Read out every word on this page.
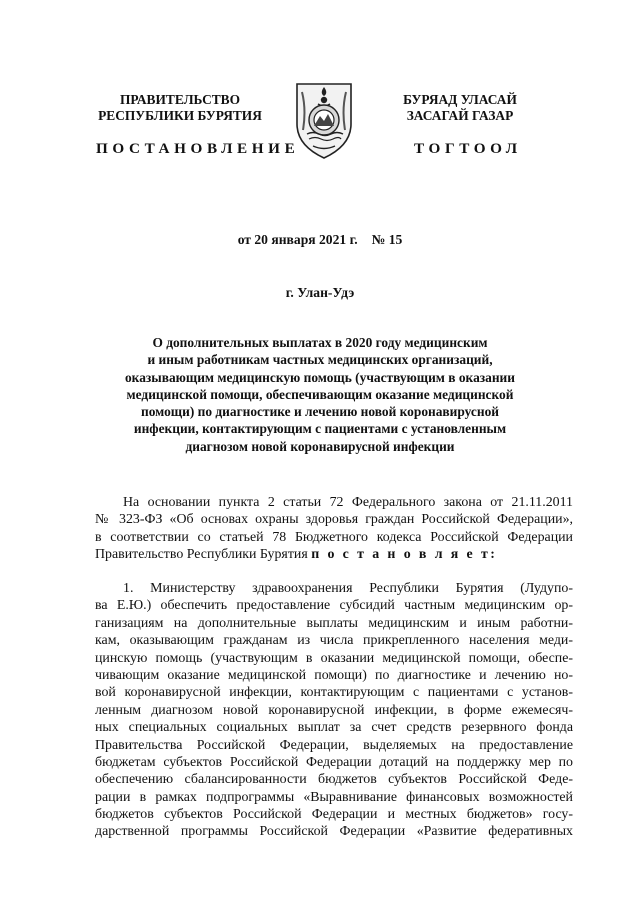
ПРАВИТЕЛЬСТВО
РЕСПУБЛИКИ БУРЯТИЯ
БУРЯАД УЛАСАЙ
ЗАСАГАЙ ГАЗАР
ПОСТАНОВЛЕНИЕ	ТОГТООЛ
от 20 января 2021 г. № 15
г. Улан-Удэ
О дополнительных выплатах в 2020 году медицинским
и иным работникам частных медицинских организаций,
оказывающим медицинскую помощь (участвующим в оказании
медицинской помощи, обеспечивающим оказание медицинской
помощи) по диагностике и лечению новой коронавирусной
инфекции, контактирующим с пациентами с установленным
диагнозом новой коронавирусной инфекции
На основании пункта 2 статьи 72 Федерального закона от 21.11.2011
№ 323-ФЗ «Об основах охраны здоровья граждан Российской Федерации»,
в соответствии со статьей 78 Бюджетного кодекса Российской Федерации
Правительство Республики Бурятия п о с т а н о в л я е т:
1. Министерству здравоохранения Республики Бурятия (Лудупо-
ва Е.Ю.) обеспечить предоставление субсидий частным медицинским ор-
ганизациям на дополнительные выплаты медицинским и иным работни-
кам, оказывающим гражданам из числа прикрепленного населения меди-
цинскую помощь (участвующим в оказании медицинской помощи, обеспе-
чивающим оказание медицинской помощи) по диагностике и лечению но-
вой коронавирусной инфекции, контактирующим с пациентами с установ-
ленным диагнозом новой коронавирусной инфекции, в форме ежемесяч-
ных специальных социальных выплат за счет средств резервного фонда
Правительства Российской Федерации, выделяемых на предоставление
бюджетам субъектов Российской Федерации дотаций на поддержку мер по
обеспечению сбалансированности бюджетов субъектов Российской Феде-
рации в рамках подпрограммы «Выравнивание финансовых возможностей
бюджетов субъектов Российской Федерации и местных бюджетов» госу-
дарственной программы Российской Федерации «Развитие федеративных
